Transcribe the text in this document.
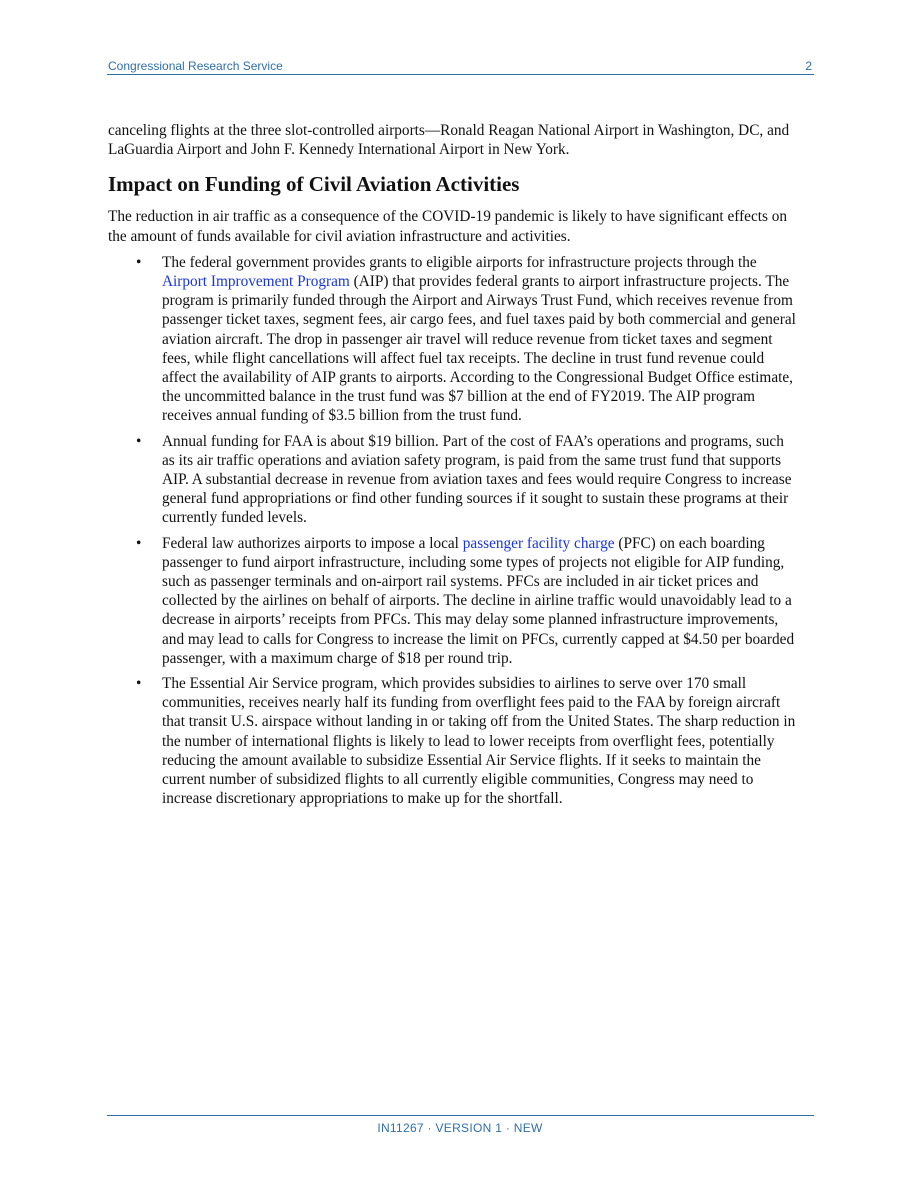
Congressional Research Service	2

canceling flights at the three slot-controlled airports—Ronald Reagan National Airport in Washington, DC, and LaGuardia Airport and John F. Kennedy International Airport in New York.

Impact on Funding of Civil Aviation Activities

The reduction in air traffic as a consequence of the COVID-19 pandemic is likely to have significant effects on the amount of funds available for civil aviation infrastructure and activities.

• The federal government provides grants to eligible airports for infrastructure projects through the Airport Improvement Program (AIP) that provides federal grants to airport infrastructure projects. The program is primarily funded through the Airport and Airways Trust Fund, which receives revenue from passenger ticket taxes, segment fees, air cargo fees, and fuel taxes paid by both commercial and general aviation aircraft. The drop in passenger air travel will reduce revenue from ticket taxes and segment fees, while flight cancellations will affect fuel tax receipts. The decline in trust fund revenue could affect the availability of AIP grants to airports. According to the Congressional Budget Office estimate, the uncommitted balance in the trust fund was $7 billion at the end of FY2019. The AIP program receives annual funding of $3.5 billion from the trust fund.
• Annual funding for FAA is about $19 billion. Part of the cost of FAA’s operations and programs, such as its air traffic operations and aviation safety program, is paid from the same trust fund that supports AIP. A substantial decrease in revenue from aviation taxes and fees would require Congress to increase general fund appropriations or find other funding sources if it sought to sustain these programs at their currently funded levels.
• Federal law authorizes airports to impose a local passenger facility charge (PFC) on each boarding passenger to fund airport infrastructure, including some types of projects not eligible for AIP funding, such as passenger terminals and on-airport rail systems. PFCs are included in air ticket prices and collected by the airlines on behalf of airports. The decline in airline traffic would unavoidably lead to a decrease in airports’ receipts from PFCs. This may delay some planned infrastructure improvements, and may lead to calls for Congress to increase the limit on PFCs, currently capped at $4.50 per boarded passenger, with a maximum charge of $18 per round trip.
• The Essential Air Service program, which provides subsidies to airlines to serve over 170 small communities, receives nearly half its funding from overflight fees paid to the FAA by foreign aircraft that transit U.S. airspace without landing in or taking off from the United States. The sharp reduction in the number of international flights is likely to lead to lower receipts from overflight fees, potentially reducing the amount available to subsidize Essential Air Service flights. If it seeks to maintain the current number of subsidized flights to all currently eligible communities, Congress may need to increase discretionary appropriations to make up for the shortfall.
IN11267 · VERSION 1 · NEW
